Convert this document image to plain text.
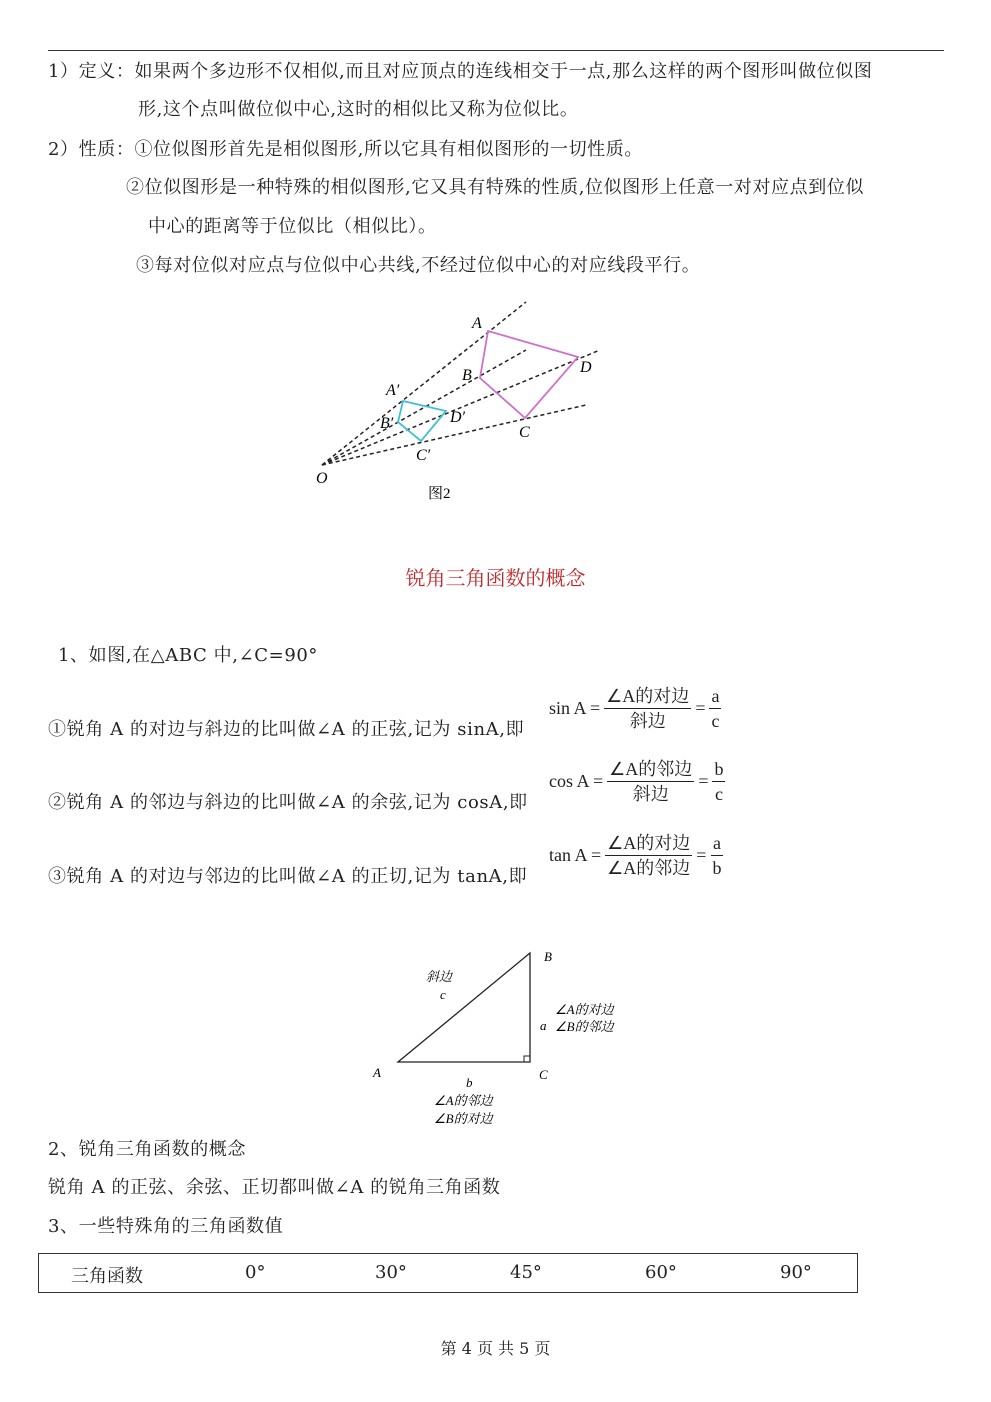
1）定义：如果两个多边形不仅相似,而且对应顶点的连线相交于一点,那么这样的两个图形叫做位似图
形,这个点叫做位似中心,这时的相似比又称为位似比。
2）性质：①位似图形首先是相似图形,所以它具有相似图形的一切性质。
②位似图形是一种特殊的相似图形,它又具有特殊的性质,位似图形上任意一对对应点到位似
中心的距离等于位似比（相似比）。
③每对位似对应点与位似中心共线,不经过位似中心的对应线段平行。
A
B	D
C
A′
B′	D′
C′
O
图2
锐角三角函数的概念
1、如图,在△ABC 中,∠C=90°
①锐角 A 的对边与斜边的比叫做∠A 的正弦,记为 sinA,即
sin A =
∠A的对边
斜边
= $\frac{a}{c}$
②锐角 A 的邻边与斜边的比叫做∠A 的余弦,记为 cosA,即
cos A =
∠A的邻边
斜边
= $\frac{b}{c}$
③锐角 A 的对边与邻边的比叫做∠A 的正切,记为 tanA,即
tan A =
∠A的对边
∠A的邻边
= $\frac{a}{b}$
A
B
C
斜边
c
a
∠A的对边
∠B的邻边
b
∠A的邻边
∠B的对边
2、锐角三角函数的概念
锐角 A 的正弦、余弦、正切都叫做∠A 的锐角三角函数
3、一些特殊角的三角函数值
三角函数	0°	30°	45°	60°	90°
第 4 页 共 5 页
